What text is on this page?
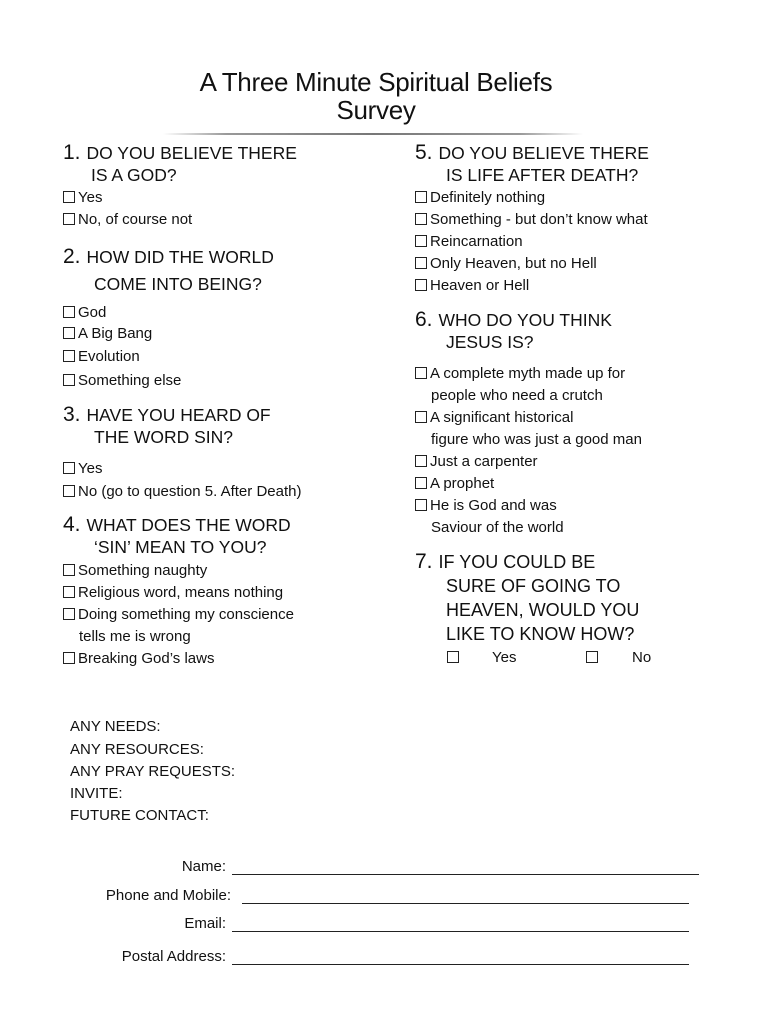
A Three Minute Spiritual Beliefs
Survey
1. DO YOU BELIEVE THERE
IS A GOD?
Yes
No, of course not
2. HOW DID THE WORLD
COME INTO BEING?
God
A Big Bang
Evolution
Something else
3. HAVE YOU HEARD OF
THE WORD SIN?
Yes
No (go to question 5. After Death)
4. WHAT DOES THE WORD
‘SIN’ MEAN TO YOU?
Something naughty
Religious word, means nothing
Doing something my conscience
tells me is wrong
Breaking God’s laws
5. DO YOU BELIEVE THERE
IS LIFE AFTER DEATH?
Definitely nothing
Something - but don’t know what
Reincarnation
Only Heaven, but no Hell
Heaven or Hell
6. WHO DO YOU THINK
JESUS IS?
A complete myth made up for
people who need a crutch
A significant historical
figure who was just a good man
Just a carpenter
A prophet
He is God and was
Saviour of the world
7. IF YOU COULD BE
SURE OF GOING TO
HEAVEN, WOULD YOU
LIKE TO KNOW HOW?
Yes	No
ANY NEEDS:
ANY RESOURCES:
ANY PRAY REQUESTS:
INVITE:
FUTURE CONTACT:
Name:
Phone and Mobile:
Email:
Postal Address:
